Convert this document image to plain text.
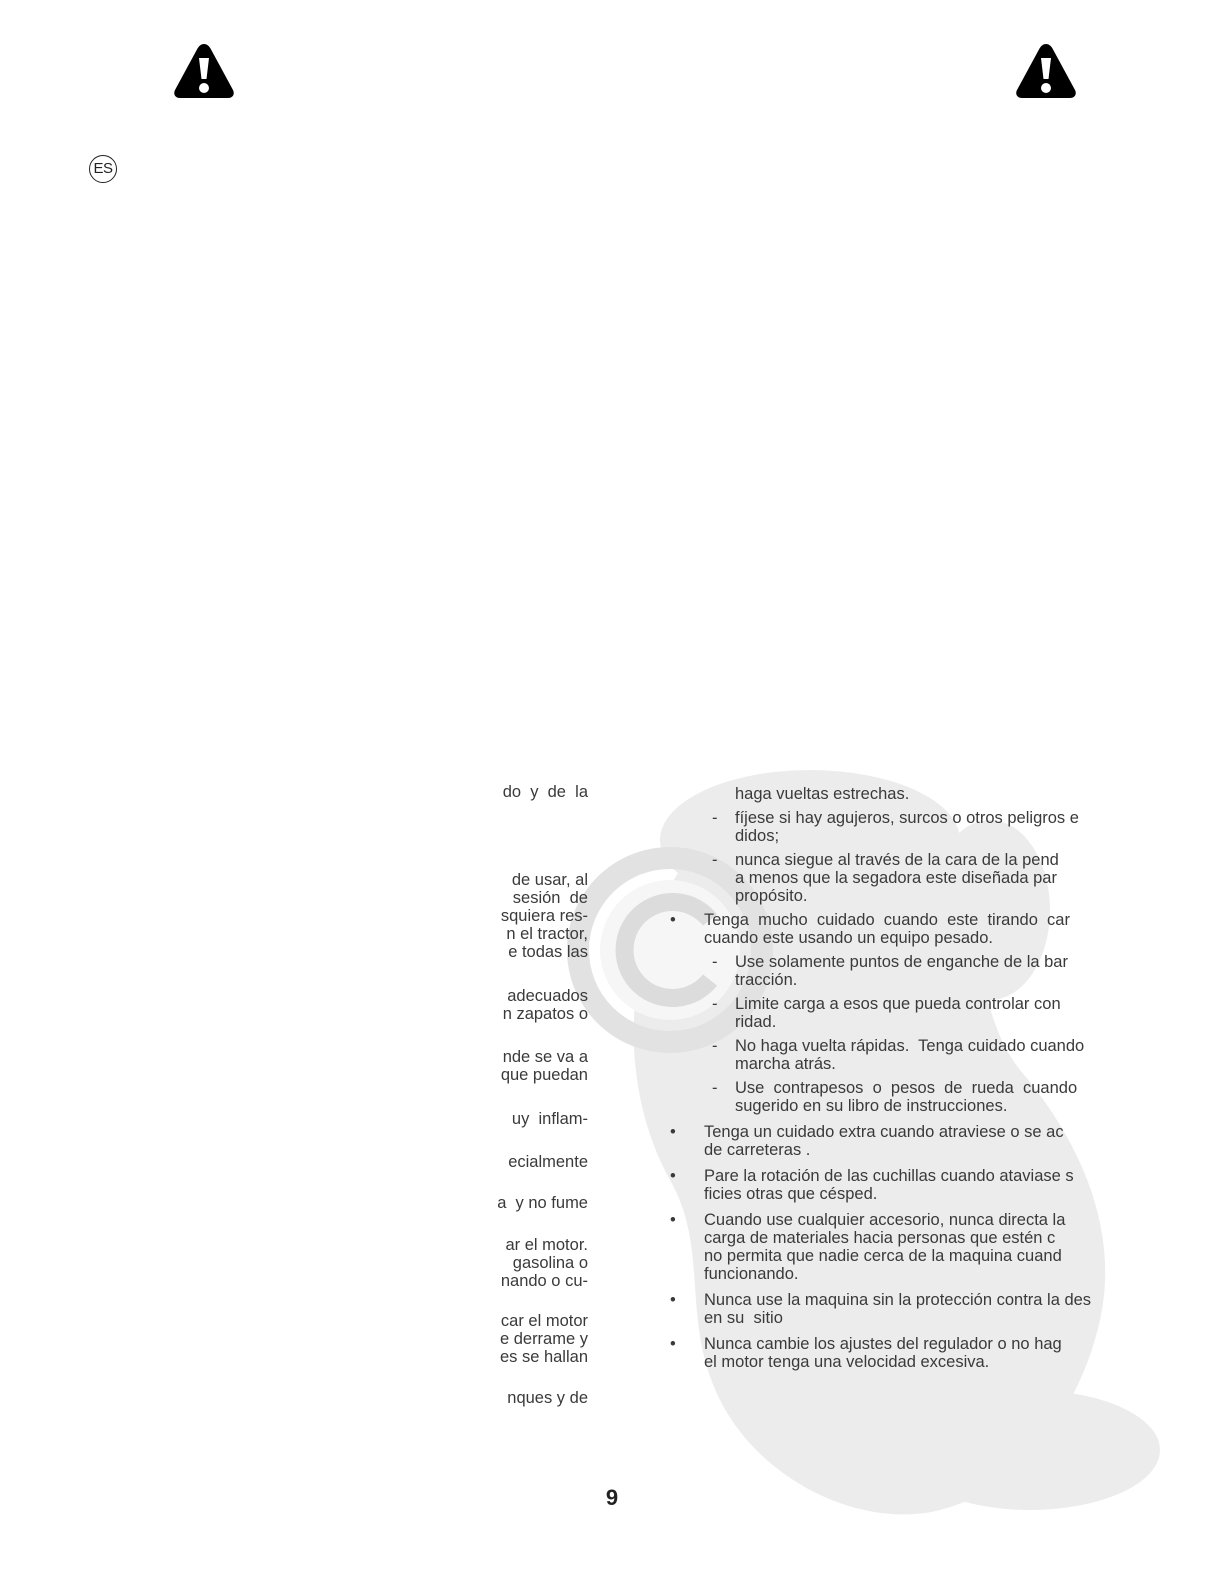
ES
do  y  de  la
de usar, al
sesión  de
squiera res-
n el tractor,
e todas las
adecuados
n zapatos o
nde se va a
que puedan
uy  inflam-
ecialmente
a  y no fume
ar el motor.
gasolina o
nando o cu-
car el motor
e derrame y
es se hallan
nques y de
haga vueltas estrechas.
-	fíjese si hay agujeros, surcos o otros peligros e
didos;
-	nunca siegue al través de la cara de la pend
a menos que la segadora este diseñada par
propósito.
•	Tenga  mucho  cuidado  cuando  este  tirando  car
cuando este usando un equipo pesado.
-	Use solamente puntos de enganche de la bar
tracción.
-	Limite carga a esos que pueda controlar con
ridad.
-	No haga vuelta rápidas.  Tenga cuidado cuando
marcha atrás.
-	Use  contrapesos  o  pesos  de  rueda  cuando
sugerido en su libro de instrucciones.
•	Tenga un cuidado extra cuando atraviese o se ac
de carreteras .
•	Pare la rotación de las cuchillas cuando ataviase s
ficies otras que césped.
•	Cuando use cualquier accesorio, nunca directa la
carga de materiales hacia personas que estén c
no permita que nadie cerca de la maquina cuand
funcionando.
•	Nunca use la maquina sin la protección contra la des
en su  sitio
•	Nunca cambie los ajustes del regulador o no hag
el motor tenga una velocidad excesiva.
9
